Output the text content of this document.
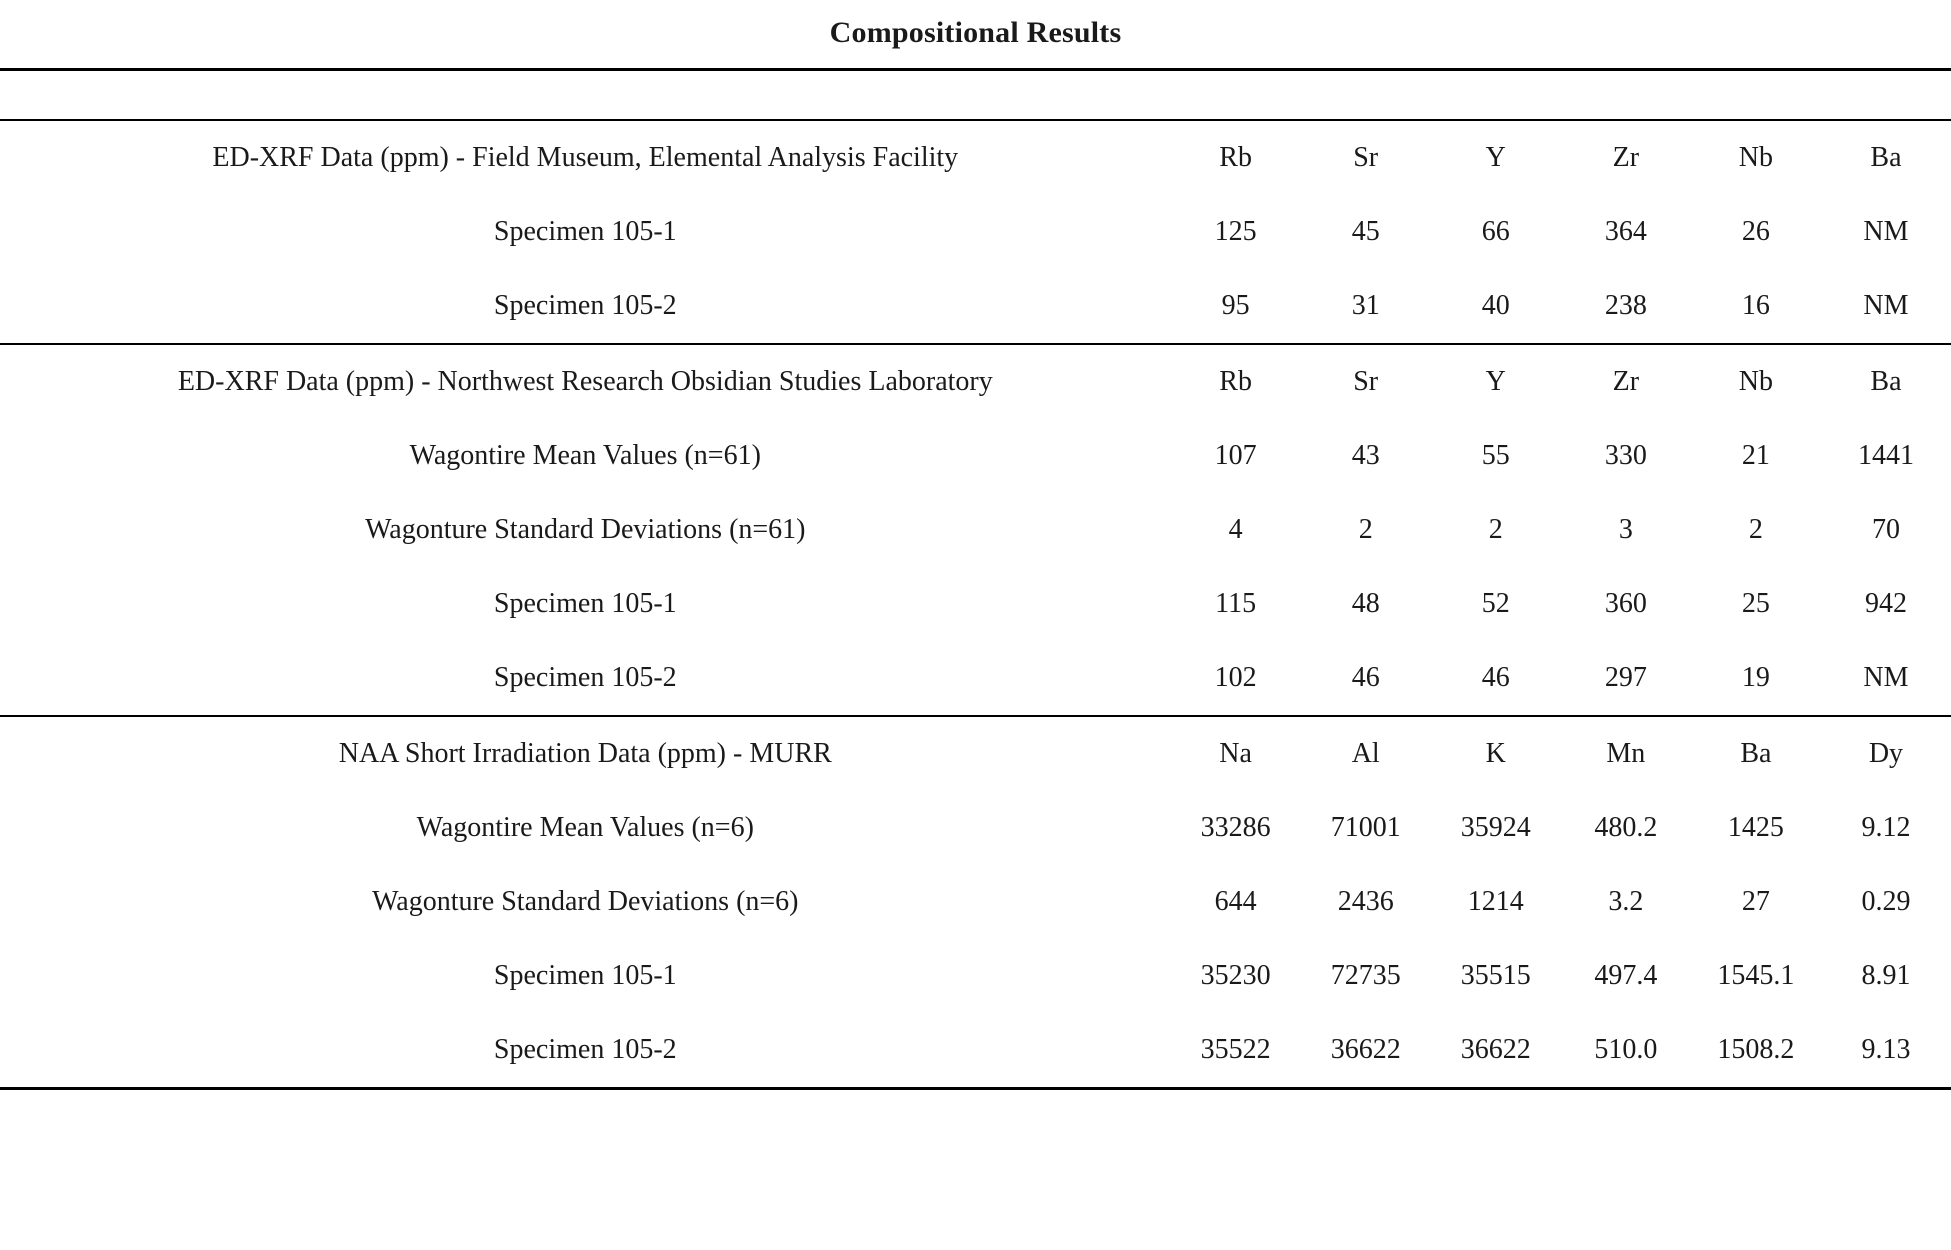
Compositional Results

ED-XRF Data (ppm) - Field Museum, Elemental Analysis Facility	Rb	Sr	Y	Zr	Nb	Ba
Specimen 105-1	125	45	66	364	26	NM
Specimen 105-2	95	31	40	238	16	NM
ED-XRF Data (ppm) - Northwest Research Obsidian Studies Laboratory	Rb	Sr	Y	Zr	Nb	Ba
Wagontire Mean Values (n=61)	107	43	55	330	21	1441
Wagonture Standard Deviations (n=61)	4	2	2	3	2	70
Specimen 105-1	115	48	52	360	25	942
Specimen 105-2	102	46	46	297	19	NM
NAA Short Irradiation Data (ppm) - MURR	Na	Al	K	Mn	Ba	Dy
Wagontire Mean Values (n=6)	33286	71001	35924	480.2	1425	9.12
Wagonture Standard Deviations (n=6)	644	2436	1214	3.2	27	0.29
Specimen 105-1	35230	72735	35515	497.4	1545.1	8.91
Specimen 105-2	35522	36622	36622	510.0	1508.2	9.13
